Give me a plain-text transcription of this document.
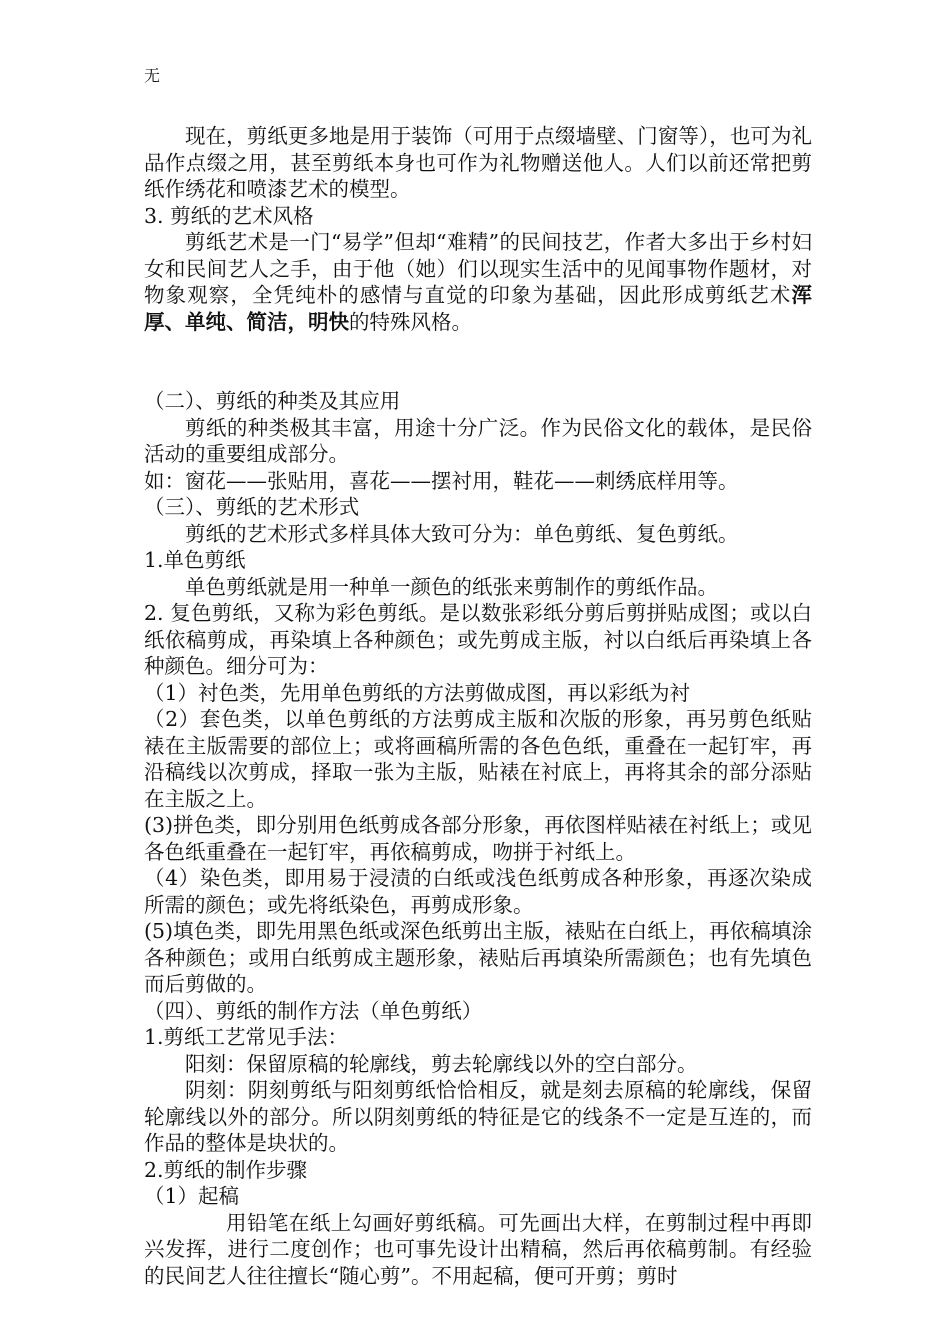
无

现在，剪纸更多地是用于装饰（可用于点缀墙壁、门窗等），也可为礼品作点缀之用，甚至剪纸本身也可作为礼物赠送他人。人们以前还常把剪纸作绣花和喷漆艺术的模型。

3. 剪纸的艺术风格

剪纸艺术是一门“易学”但却“难精”的民间技艺，作者大多出于乡村妇女和民间艺人之手，由于他（她）们以现实生活中的见闻事物作题材，对物象观察，全凭纯朴的感情与直觉的印象为基础，因此形成剪纸艺术浑厚、单纯、简洁，明快的特殊风格。

（二）、剪纸的种类及其应用

剪纸的种类极其丰富，用途十分广泛。作为民俗文化的载体，是民俗活动的重要组成部分。

如：窗花——张贴用，喜花——摆衬用，鞋花——刺绣底样用等。

（三）、剪纸的艺术形式

剪纸的艺术形式多样具体大致可分为：单色剪纸、复色剪纸。

1.单色剪纸

单色剪纸就是用一种单一颜色的纸张来剪制作的剪纸作品。

2. 复色剪纸，又称为彩色剪纸。是以数张彩纸分剪后剪拼贴成图；或以白纸依稿剪成，再染填上各种颜色；或先剪成主版，衬以白纸后再染填上各种颜色。细分可为：

（1）衬色类，先用单色剪纸的方法剪做成图，再以彩纸为衬

（2）套色类，以单色剪纸的方法剪成主版和次版的形象，再另剪色纸贴裱在主版需要的部位上；或将画稿所需的各色色纸，重叠在一起钉牢，再沿稿线以次剪成，择取一张为主版，贴裱在衬底上，再将其余的部分添贴在主版之上。

(3)拼色类，即分别用色纸剪成各部分形象，再依图样贴裱在衬纸上；或见各色纸重叠在一起钉牢，再依稿剪成，吻拼于衬纸上。

（4）染色类，即用易于浸渍的白纸或浅色纸剪成各种形象，再逐次染成所需的颜色；或先将纸染色，再剪成形象。

(5)填色类，即先用黑色纸或深色纸剪出主版，裱贴在白纸上，再依稿填涂各种颜色；或用白纸剪成主题形象，裱贴后再填染所需颜色；也有先填色而后剪做的。

（四）、剪纸的制作方法（单色剪纸）

1.剪纸工艺常见手法：

阳刻：保留原稿的轮廓线，剪去轮廓线以外的空白部分。

阴刻：阴刻剪纸与阳刻剪纸恰恰相反，就是刻去原稿的轮廓线，保留轮廓线以外的部分。所以阴刻剪纸的特征是它的线条不一定是互连的，而作品的整体是块状的。

2.剪纸的制作步骤

（1）起稿

用铅笔在纸上勾画好剪纸稿。可先画出大样，在剪制过程中再即兴发挥，进行二度创作；也可事先设计出精稿，然后再依稿剪制。有经验的民间艺人往往擅长“随心剪”。不用起稿，便可开剪；剪时
